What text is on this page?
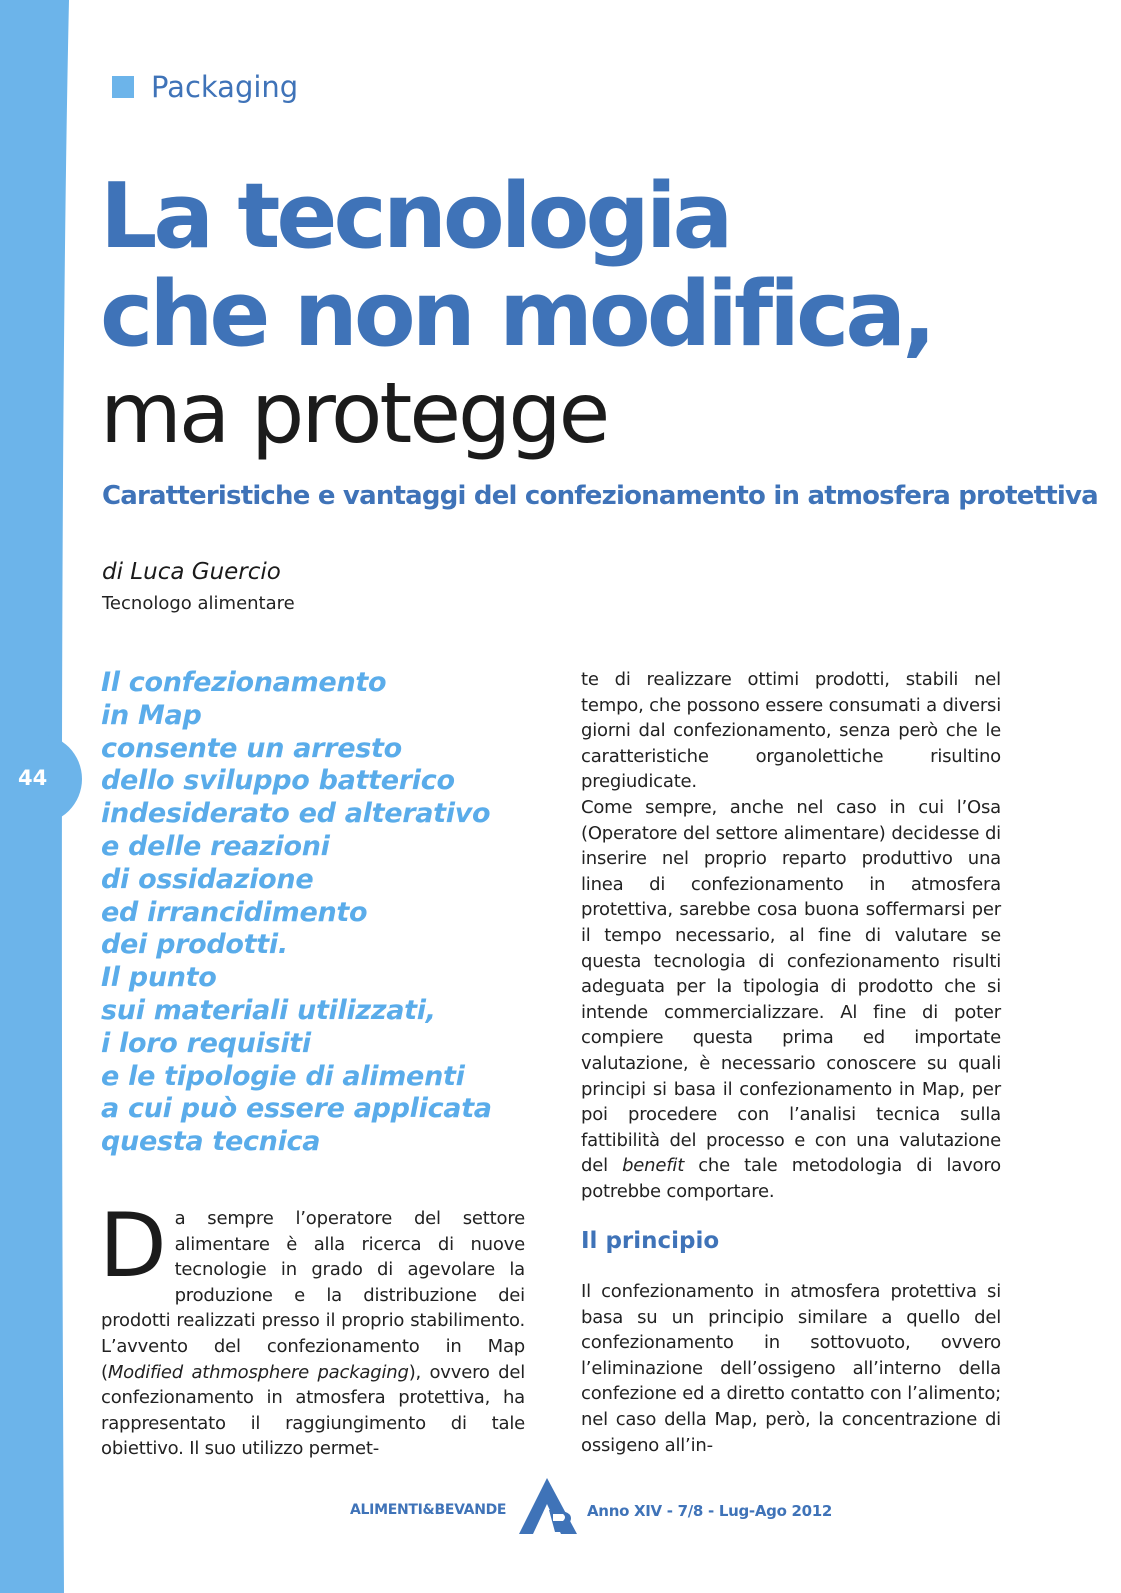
44
Packaging
La tecnologia
che non modifica,
ma protegge
Caratteristiche e vantaggi del confezionamento in atmosfera protettiva
di Luca Guercio
Tecnologo alimentare
Il confezionamento
in Map
consente un arresto
dello sviluppo batterico
indesiderato ed alterativo
e delle reazioni
di ossidazione
ed irrancidimento
dei prodotti.
Il punto
sui materiali utilizzati,
i loro requisiti
e le tipologie di alimenti
a cui può essere applicata
questa tecnica

Da sempre l’operatore del settore alimentare è alla ricerca di nuove tecnologie in grado di agevolare la produzione e la distribuzione dei prodotti realizzati presso il proprio stabilimento. L’avvento del confezionamento in Map (Modified athmosphere packaging), ovvero del confezionamento in atmosfera protettiva, ha rappresentato il raggiungimento di tale obiettivo. Il suo utilizzo permet-

te di realizzare ottimi prodotti, stabili nel tempo, che possono essere consumati a diversi giorni dal confezionamento, senza però che le caratteristiche organolettiche risultino pregiudicate.

Come sempre, anche nel caso in cui l’Osa (Operatore del settore alimentare) decidesse di inserire nel proprio reparto produttivo una linea di confezionamento in atmosfera protettiva, sarebbe cosa buona soffermarsi per il tempo necessario, al fine di valutare se questa tecnologia di confezionamento risulti adeguata per la tipologia di prodotto che si intende commercializzare. Al fine di poter compiere questa prima ed importate valutazione, è necessario conoscere su quali principi si basa il confezionamento in Map, per poi procedere con l’analisi tecnica sulla fattibilità del processo e con una valutazione del benefit che tale metodologia di lavoro potrebbe comportare.

Il principio

Il confezionamento in atmosfera protettiva si basa su un principio similare a quello del confezionamento in sottovuoto, ovvero l’eliminazione dell’ossigeno all’interno della confezione ed a diretto contatto con l’alimento; nel caso della Map, però, la concentrazione di ossigeno all’in-

ALIMENTI&BEVANDE	Anno XIV - 7/8 - Lug-Ago 2012
